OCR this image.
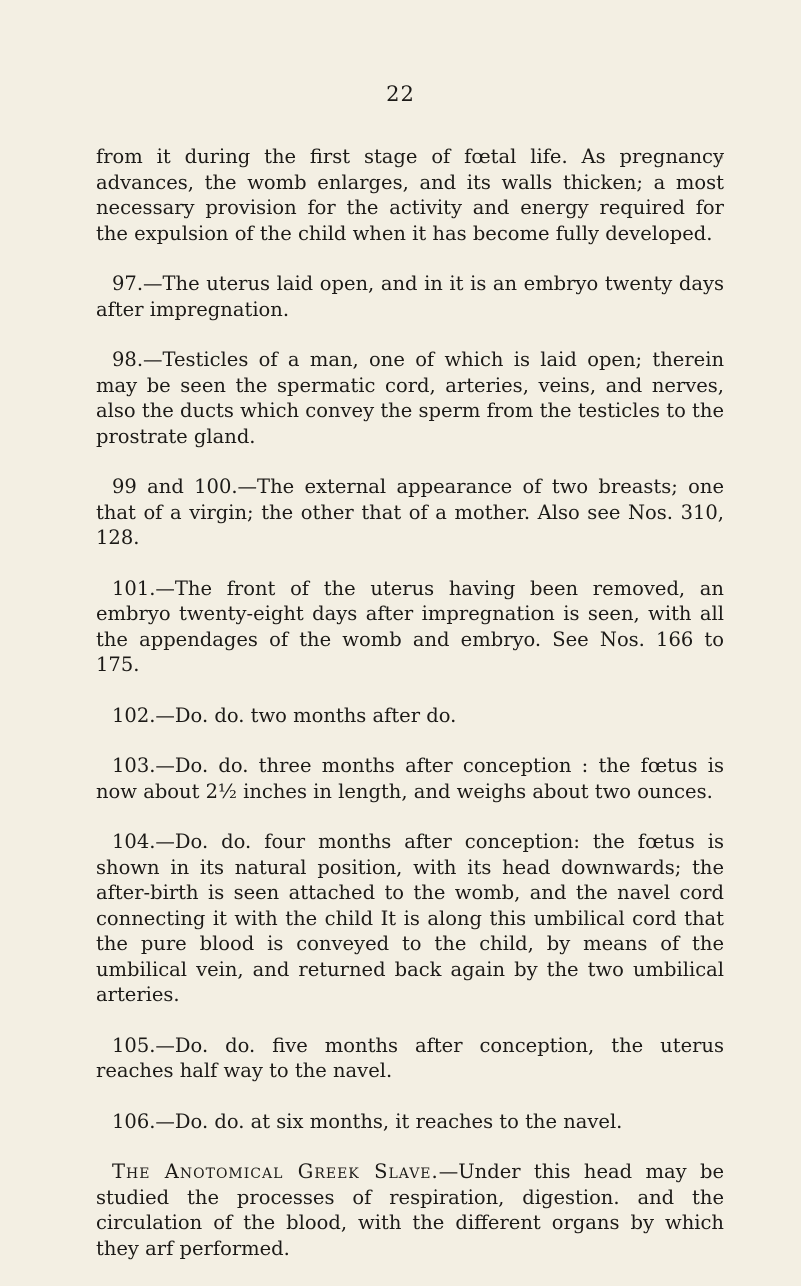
22

from it during the first stage of fœtal life. As pregnancy advances, the womb enlarges, and its walls thicken; a most necessary provision for the activity and energy required for the expulsion of the child when it has become fully developed.

97.—The uterus laid open, and in it is an embryo twenty days after impregnation.

98.—Testicles of a man, one of which is laid open; therein may be seen the spermatic cord, arteries, veins, and nerves, also the ducts which convey the sperm from the testicles to the prostrate gland.

99 and 100.—The external appearance of two breasts; one that of a virgin; the other that of a mother. Also see Nos. 310, 128.

101.—The front of the uterus having been removed, an embryo twenty-eight days after impregnation is seen, with all the appendages of the womb and embryo. See Nos. 166 to 175.

102.—Do. do. two months after do.

103.—Do. do. three months after conception : the fœtus is now about 2½ inches in length, and weighs about two ounces.

104.—Do. do. four months after conception: the fœtus is shown in its natural position, with its head downwards; the after-birth is seen attached to the womb, and the navel cord connecting it with the child It is along this umbilical cord that the pure blood is conveyed to the child, by means of the umbilical vein, and returned back again by the two umbilical arteries.

105.—Do. do. five months after conception, the uterus reaches half way to the navel.

106.—Do. do. at six months, it reaches to the navel.

The Anotomical Greek Slave.—Under this head may be studied the processes of respiration, digestion. and the circulation of the blood, with the different organs by which they arf performed.
